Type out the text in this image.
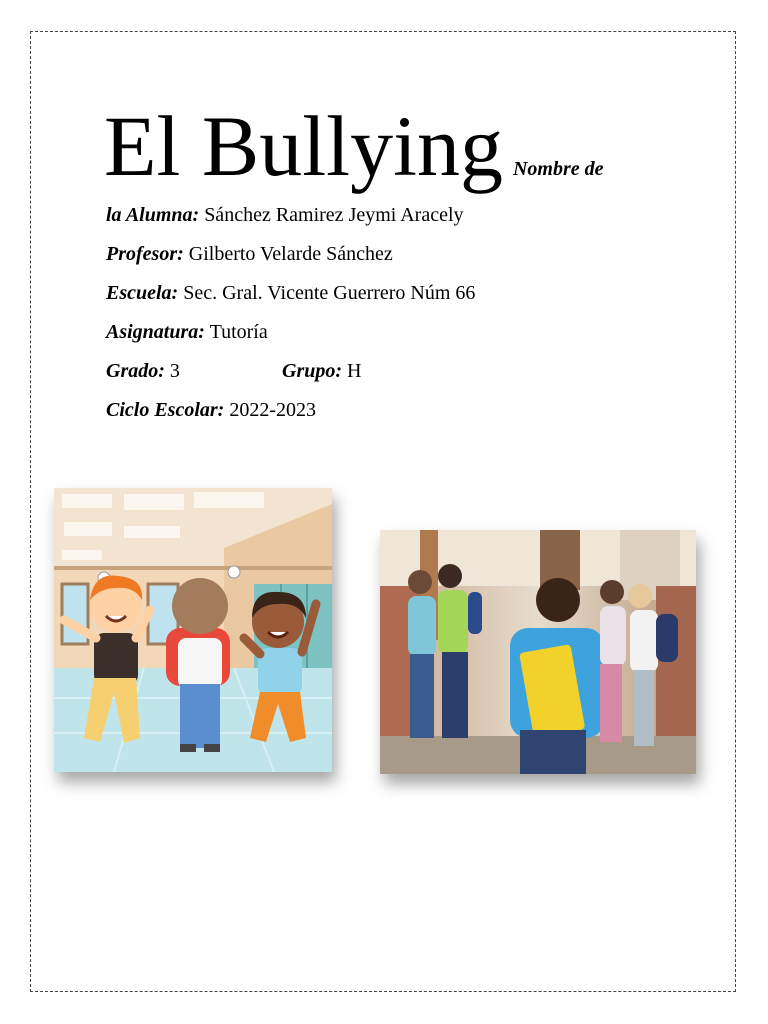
El Bullying Nombre de
la Alumna: Sánchez Ramirez Jeymi Aracely
Profesor: Gilberto Velarde Sánchez
Escuela: Sec. Gral. Vicente Guerrero Núm 66
Asignatura: Tutoría
Grado: 3	Grupo: H
Ciclo Escolar: 2022-2023
